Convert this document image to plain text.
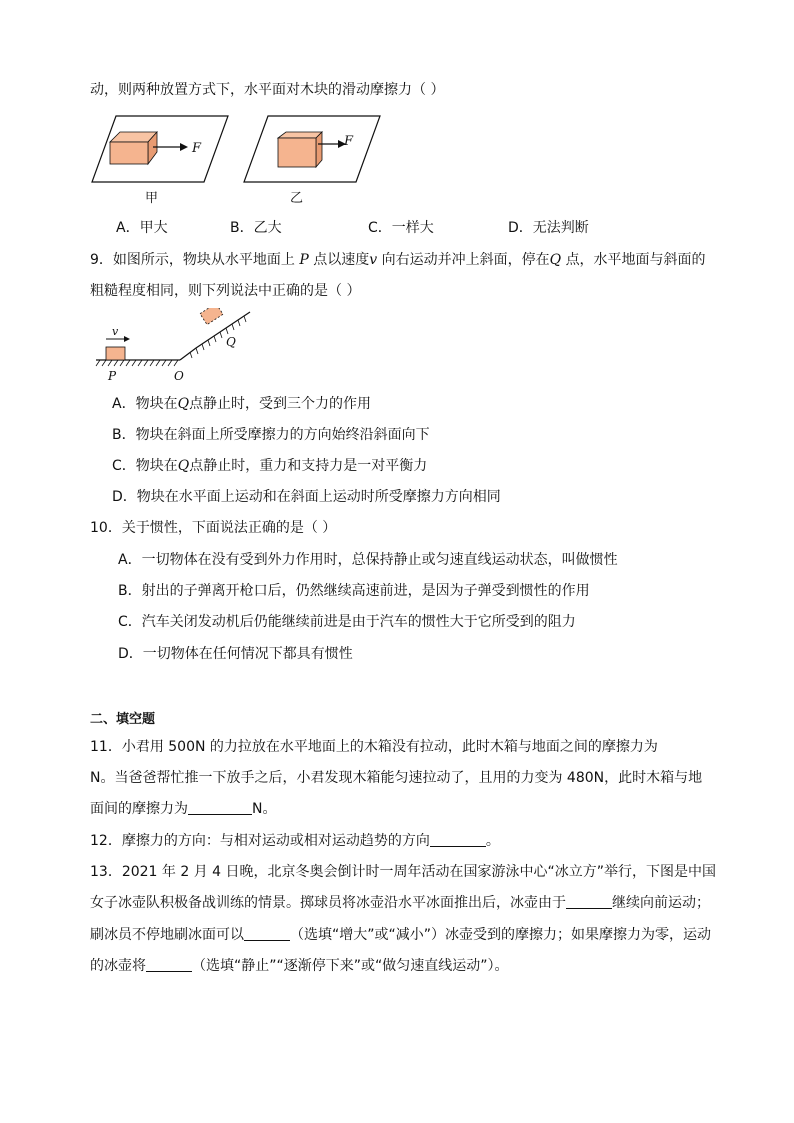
动，则两种放置方式下，水平面对木块的滑动摩擦力（ ）
F
甲
F
乙
A．甲大	B．乙大	C．一样大	D．无法判断
9．如图所示，物块从水平地面上 P 点以速度v 向右运动并冲上斜面，停在Q 点，水平地面与斜面的
粗糙程度相同，则下列说法中正确的是（ ）
v
Q
P	O
A．物块在Q点静止时，受到三个力的作用
B．物块在斜面上所受摩擦力的方向始终沿斜面向下
C．物块在Q点静止时，重力和支持力是一对平衡力
D．物块在水平面上运动和在斜面上运动时所受摩擦力方向相同
10．关于惯性，下面说法正确的是（ ）
A．一切物体在没有受到外力作用时，总保持静止或匀速直线运动状态，叫做惯性
B．射出的子弹离开枪口后，仍然继续高速前进，是因为子弹受到惯性的作用
C．汽车关闭发动机后仍能继续前进是由于汽车的惯性大于它所受到的阻力
D．一切物体在任何情况下都具有惯性
二、填空题
11．小君用 500N 的力拉放在水平地面上的木箱没有拉动，此时木箱与地面之间的摩擦力为
N。当爸爸帮忙推一下放手之后，小君发现木箱能匀速拉动了，且用的力变为 480N，此时木箱与地
面间的摩擦力为	N。
12．摩擦力的方向：与相对运动或相对运动趋势的方向	。
13．2021 年 2 月 4 日晚，北京冬奥会倒计时一周年活动在国家游泳中心“冰立方”举行，下图是中国
女子冰壶队积极备战训练的情景。掷球员将冰壶沿水平冰面推出后，冰壶由于	继续向前运动；
刷冰员不停地刷冰面可以	（选填“增大”或“减小”）冰壶受到的摩擦力；如果摩擦力为零，运动
的冰壶将	（选填“静止”“逐渐停下来”或“做匀速直线运动”）。
